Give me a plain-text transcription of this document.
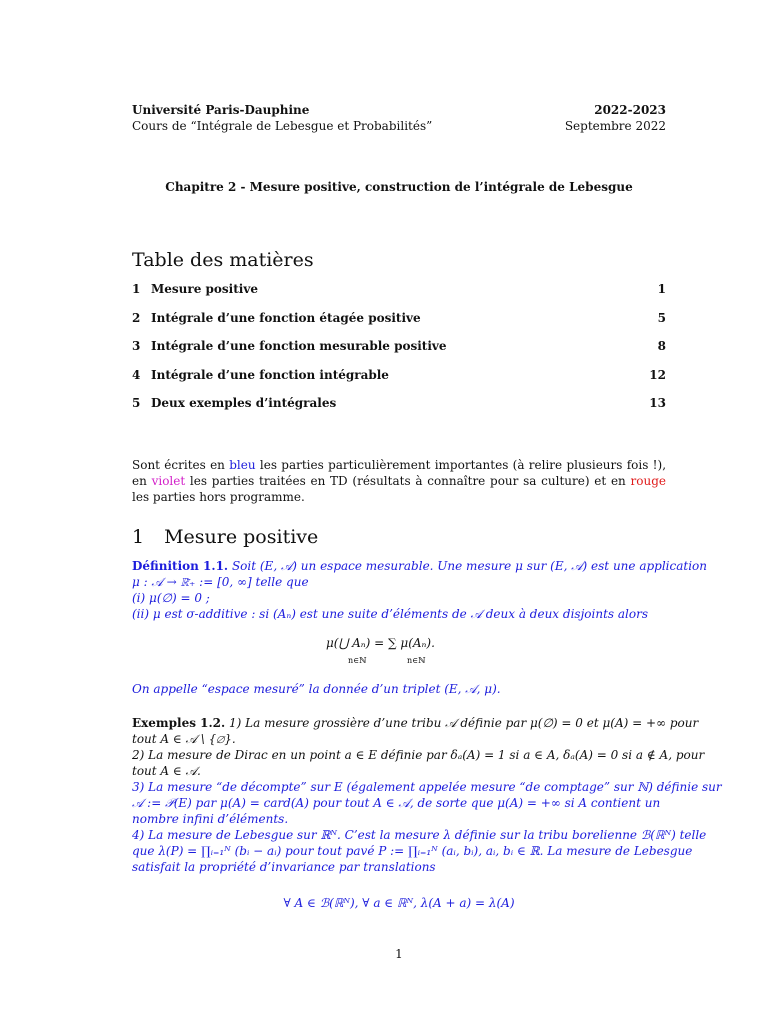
Université Paris-Dauphine
Cours de “Intégrale de Lebesgue et Probabilités”
2022-2023
Septembre 2022
Chapitre 2 - Mesure positive, construction de l’intégrale de Lebesgue
Table des matières
1 Mesure positive	1
2 Intégrale d’une fonction étagée positive	5
3 Intégrale d’une fonction mesurable positive	8
4 Intégrale d’une fonction intégrable	12
5 Deux exemples d’intégrales	13
Sont écrites en bleu les parties particulièrement importantes (à relire plusieurs fois !), en violet les parties traitées en TD (résultats à connaître pour sa culture) et en rouge les parties hors programme.
1 Mesure positive
Définition 1.1. Soit (E, 𝒜) un espace mesurable. Une mesure μ sur (E, 𝒜) est une application
μ : 𝒜 → ℝ̄₊ := [0, ∞] telle que
(i) μ(∅) = 0 ;
(ii) μ est σ-additive : si (Aₙ) est une suite d’éléments de 𝒜 deux à deux disjoints alors
μ(⋃ Aₙ) = ∑ μ(Aₙ).
n∈ℕ	n∈ℕ
On appelle “espace mesuré” la donnée d’un triplet (E, 𝒜, μ).
Exemples 1.2. 1) La mesure grossière d’une tribu 𝒜 définie par μ(∅) = 0 et μ(A) = +∞ pour
tout A ∈ 𝒜 \ {∅}.
2) La mesure de Dirac en un point a ∈ E définie par δₐ(A) = 1 si a ∈ A, δₐ(A) = 0 si a ∉ A, pour
tout A ∈ 𝒜.
3) La mesure “de décompte” sur E (également appelée mesure “de comptage” sur ℕ) définie sur
𝒜 := 𝒫(E) par μ(A) = card(A) pour tout A ∈ 𝒜, de sorte que μ(A) = +∞ si A contient un
nombre infini d’éléments.
4) La mesure de Lebesgue sur ℝᴺ. C’est la mesure λ définie sur la tribu borelienne ℬ(ℝᴺ) telle
que λ(P) = ∏ᵢ₌₁ᴺ (bᵢ − aᵢ) pour tout pavé P := ∏ᵢ₌₁ᴺ (aᵢ, bᵢ), aᵢ, bᵢ ∈ ℝ. La mesure de Lebesgue
satisfait la propriété d’invariance par translations
∀ A ∈ ℬ(ℝᴺ), ∀ a ∈ ℝᴺ, λ(A + a) = λ(A)
1
